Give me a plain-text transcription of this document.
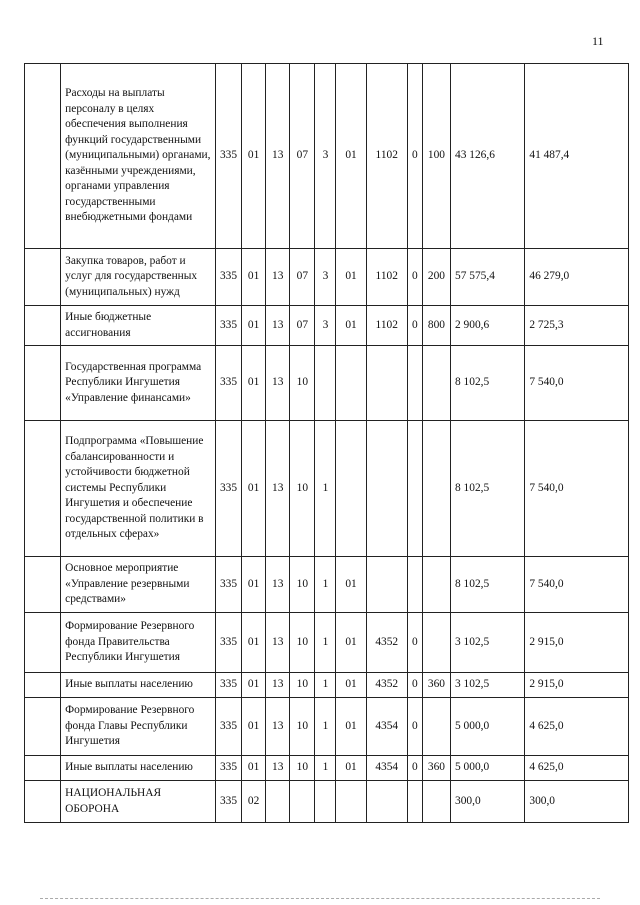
11
	Расходы на выплаты персоналу в целях обеспечения выполнения функций государственными (муниципальными) органами, казёнными учреждениями, органами управления государственными внебюджетными фондами	335	01	13	07	3	01	1102	0	100	43 126,6	41 487,4
	Закупка товаров, работ и услуг для государственных (муниципальных) нужд	335	01	13	07	3	01	1102	0	200	57 575,4	46 279,0
	Иные бюджетные ассигнования	335	01	13	07	3	01	1102	0	800	2 900,6	2 725,3
	Государственная программа Республики Ингушетия «Управление финансами»	335	01	13	10						8 102,5	7 540,0
	Подпрограмма «Повышение сбалансированности и устойчивости бюджетной системы Республики Ингушетия и обеспечение государственной политики в отдельных сферах»	335	01	13	10	1					8 102,5	7 540,0
	Основное мероприятие «Управление резервными средствами»	335	01	13	10	1	01				8 102,5	7 540,0
	Формирование Резервного фонда Правительства Республики Ингушетия	335	01	13	10	1	01	4352	0		3 102,5	2 915,0
	Иные выплаты населению	335	01	13	10	1	01	4352	0	360	3 102,5	2 915,0
	Формирование Резервного фонда Главы Республики Ингушетия	335	01	13	10	1	01	4354	0		5 000,0	4 625,0
	Иные выплаты населению	335	01	13	10	1	01	4354	0	360	5 000,0	4 625,0
	НАЦИОНАЛЬНАЯ ОБОРОНА	335	02								300,0	300,0
